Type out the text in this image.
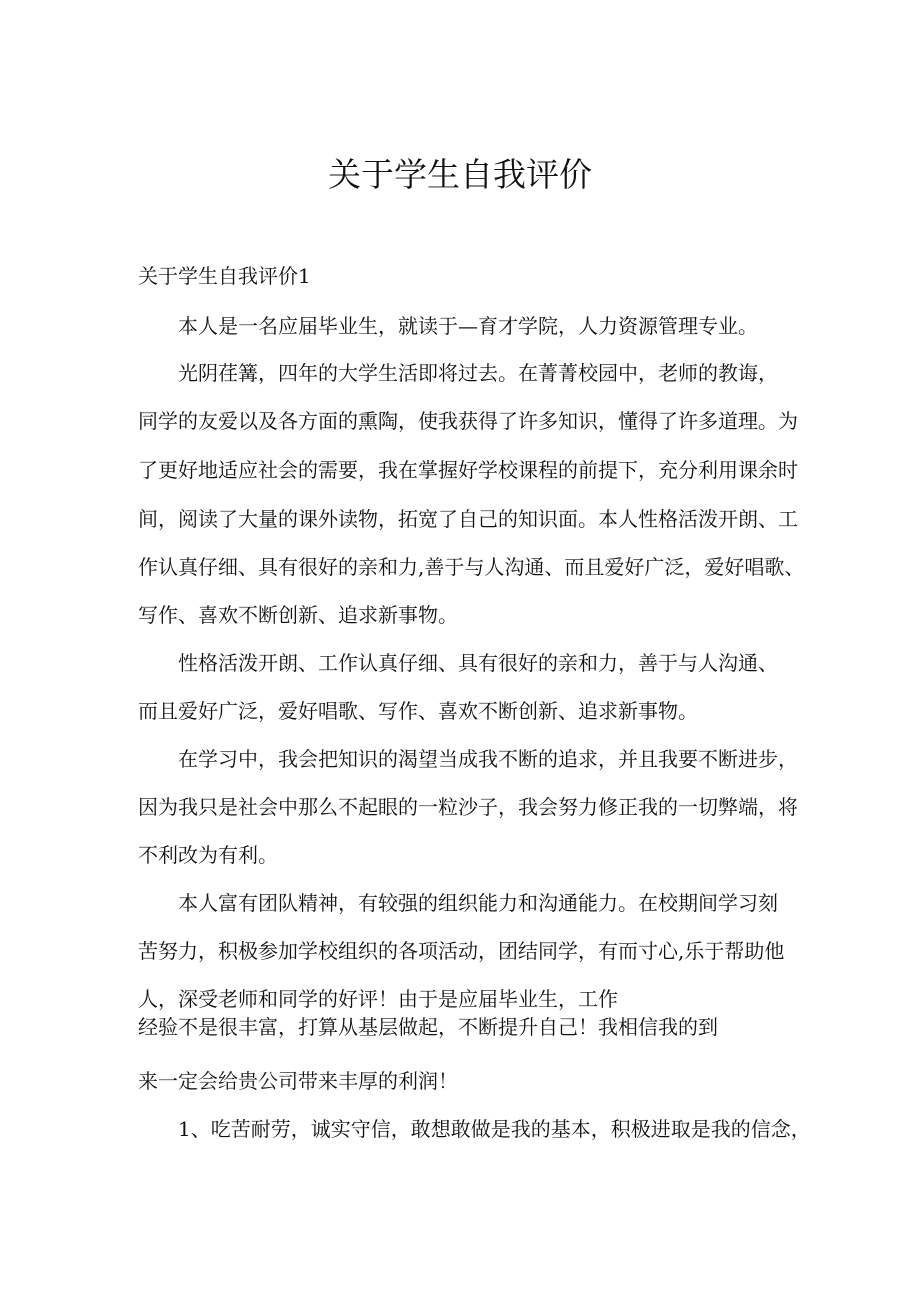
关于学生自我评价

关于学生自我评价1

本人是一名应届毕业生，就读于—育才学院，人力资源管理专业。

光阴荏篝，四年的大学生活即将过去。在菁菁校园中，老师的教诲，

同学的友爱以及各方面的熏陶，使我获得了许多知识，懂得了许多道理。为

了更好地适应社会的需要，我在掌握好学校课程的前提下，充分利用课余时

间，阅读了大量的课外读物，拓宽了自己的知识面。本人性格活泼开朗、工

作认真仔细、具有很好的亲和力,善于与人沟通、而且爱好广泛，爱好唱歌、

写作、喜欢不断创新、追求新事物。

性格活泼开朗、工作认真仔细、具有很好的亲和力，善于与人沟通、

而且爱好广泛，爱好唱歌、写作、喜欢不断创新、追求新事物。

在学习中，我会把知识的渴望当成我不断的追求，并且我要不断进步，

因为我只是社会中那么不起眼的一粒沙子，我会努力修正我的一切弊端，将

不利改为有利。

本人富有团队精神，有较强的组织能力和沟通能力。在校期间学习刻

苦努力，积极参加学校组织的各项活动，团结同学，有而寸心,乐于帮助他

人，深受老师和同学的好评！由于是应届毕业生，工作

经验不是很丰富，打算从基层做起，不断提升自己！我相信我的到

来一定会给贵公司带来丰厚的利润！

1、吃苦耐劳，诚实守信，敢想敢做是我的基本，积极进取是我的信念，
